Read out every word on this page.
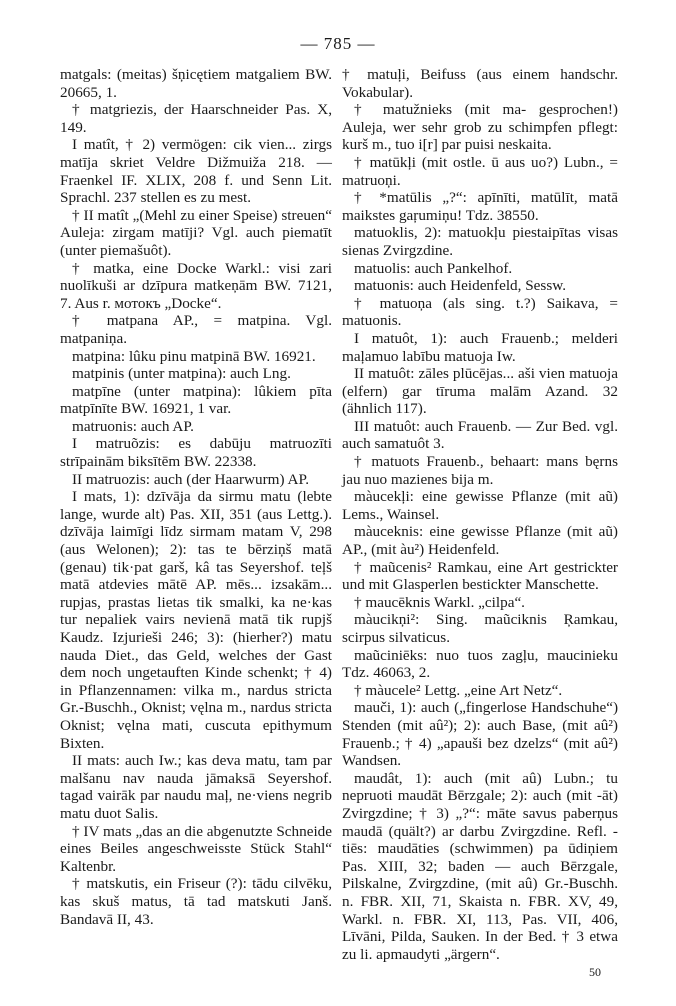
— 785 —

matgals: (meitas) šņicętiem matgaliem BW. 20665, 1.

† matgriezis, der Haarschneider Pas. X, 149.

I matît, † 2) vermögen: cik vien... zirgs matīja skriet Veldre Dižmuiža 218. — Fraenkel IF. XLIX, 208 f. und Senn Lit. Sprachl. 237 stellen es zu mest.

† II matît „(Mehl zu einer Speise) streuen“ Auleja: zirgam matīji? Vgl. auch piematīt (unter piemašuôt).

† matka, eine Docke Warkl.: visi zari nuolīkuši ar dzīpura matkeņām BW. 7121, 7. Aus r. мотокъ „Docke“.

† matpana AP., = matpina. Vgl. matpaniņa.

matpina: lûku pinu matpinā BW. 16921.

matpinis (unter matpina): auch Lng.

matpīne (unter matpina): lûkiem pīta matpīnīte BW. 16921, 1 var.

matruonis: auch AP.

I matruõzis: es dabūju matruozīti strīpainām biksītēm BW. 22338.

II matruozis: auch (der Haarwurm) AP.

I mats, 1): dzīvāja da sirmu matu (lebte lange, wurde alt) Pas. XII, 351 (aus Lettg.). dzīvāja laimīgi līdz sirmam matam V, 298 (aus Welonen); 2): tas te bērziņš matā (genau) tik·pat garš, kâ tas Seyershof. teļš matā atdevies mātē AP. mēs... izsakām... rupjas, prastas lietas tik smalki, ka ne·kas tur nepaliek vairs nevienā matā tik rupjš Kaudz. Izjurieši 246; 3): (hierher?) matu nauda Diet., das Geld, welches der Gast dem noch ungetauften Kinde schenkt; † 4) in Pflanzennamen: vilka m., nardus stricta Gr.-Buschh., Oknist; vęlna m., nardus stricta Oknist; vęlna mati, cuscuta epithymum Bixten.

II mats: auch Iw.; kas deva matu, tam par malšanu nav nauda jāmaksā Seyershof. tagad vairāk par naudu maļ, ne·viens negrib matu duot Salis.

† IV mats „das an die abgenutzte Schneide eines Beiles angeschweisste Stück Stahl“ Kaltenbr.

† matskutis, ein Friseur (?): tādu cilvēku, kas skuš matus, tā tad matskuti Janš. Bandavā II, 43.

† matuļi, Beifuss (aus einem handschr. Vokabular).

† matužnieks (mit ma- gesprochen!) Auleja, wer sehr grob zu schimpfen pflegt: kurš m., tuo i[r] par puisi neskaita.

† matūkļi (mit ostle. ū aus uo?) Lubn., = matruoņi.

† *matūlis „?“: apīnīti, matūlīt, matā maikstes gaŗumiņu! Tdz. 38550.

matuoklis, 2): matuokļu piestaipītas visas sienas Zvirgzdine.

matuolis: auch Pankelhof.

matuonis: auch Heidenfeld, Sessw.

† matuoņa (als sing. t.?) Saikava, = matuonis.

I matuôt, 1): auch Frauenb.; melderi maļamuo labību matuoja Iw.

II matuôt: zāles plūcējas... aši vien matuoja (elfern) gar tīruma malām Azand. 32 (ähnlich 117).

III matuôt: auch Frauenb. — Zur Bed. vgl. auch samatuôt 3.

† matuots Frauenb., behaart: mans bęrns jau nuo mazienes bija m.

màucekļi: eine gewisse Pflanze (mit aũ) Lems., Wainsel.

màuceknis: eine gewisse Pflanze (mit aũ) AP., (mit àu²) Heidenfeld.

† maũcenis² Ramkau, eine Art gestrickter und mit Glasperlen bestickter Manschette.

† maucēknis Warkl. „cilpa“.

màucikņi²: Sing. maũciknis Ŗamkau, scirpus silvaticus.

maũciniēks: nuo tuos zagļu, maucinieku Tdz. 46063, 2.

† màucele² Lettg. „eine Art Netz“.

mauči, 1): auch („fingerlose Handschuhe“) Stenden (mit aû²); 2): auch Base, (mit aû²) Frauenb.; † 4) „apauši bez dzelzs“ (mit aû²) Wandsen.

maudât, 1): auch (mit aû) Lubn.; tu nepruoti maudāt Bērzgale; 2): auch (mit -āt) Zvirgzdine; † 3) „?“: māte savus paberņus maudā (quält?) ar darbu Zvirgzdine. Refl. -tiēs: maudāties (schwimmen) pa ūdiņiem Pas. XIII, 32; baden — auch Bērzgale, Pilskalne, Zvirgzdine, (mit aû) Gr.-Buschh. n. FBR. XII, 71, Skaista n. FBR. XV, 49, Warkl. n. FBR. XI, 113, Pas. VII, 406, Līvāni, Pilda, Sauken. In der Bed. † 3 etwa zu li. apmaudyti „ärgern“.

50
